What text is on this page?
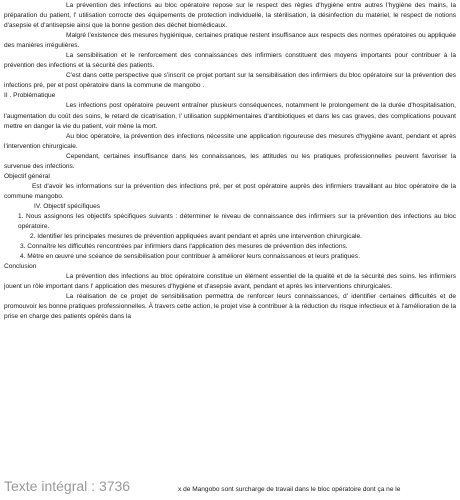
La prévention des infections au bloc opératoire repose sur le respect des règles d'hygiène entre autres l'hygiène des mains, la préparation du patient, l' utilisation corrocte des équipements de protection individuelle, la stérilisation, la désinfection du matériel, le respect de notions d'asepsie et d'antisepsie ainsi que la bonne gestion des déchet biomédicaux.

Malgré l'existence des mesures hygiénique, certaines pratique restent insuffisance aux respects des normes opératoires ou appliquée des manières irrégulières.

La sensibilisation et le renforcement des connaissances des infirmiers constituent des moyens importants pour contribuer à la prévention des infections et la sécurité des patients.

C'est dans cette perspective que s'inscrit ce projet portant sur la sensibilisation des infirmiers du bloc opératoire sur la prévention des infections pré, per et post opératoire dans la commune de mangobo .

II . Problématique

Les infections post opératoire peuvent entraîner plusieurs conséquences, notamment le prolongement de la durée d'hospitalisation, l'augmentation du coût des soins, le retard de cicatrisation, l' utilisation supplémentaires d'antibiotiques et dans les cas graves, des complications pouvant mettre en danger la vie du patient, voir mène la mort.

Au bloc opératoire, la prévention des infections nécessite une application rigoureuse des mesures d'hygiène avant, pendant et après l'intervention chirurgicale.

Cependant, certaines insuffisance dans les connaissances, les attitudes ou les pratiques professionnelles peuvent favoriser la survenue des infections.

Objectif général

Est d'avoir les informations sur la prévention des infections pré, per et post opératoire auprès des infirmiers travaillant au bloc opératoire de la commune mangobo.

IV. Objectif spécifiques

1. Nous assignons les objectifs spécifiques suivants : déterminer le niveau de connaissance des infirmiers sur la prévention des infections au bloc opératoire.

2. Identifier les principales mesures de prévention appliquées avant pendant et après une intervention chirurgicale.

3. Connaître les difficultés rencontrées par infirmiers dans l'application des mesures de prévention des infections.

4. Mètre en œuvre une scéance de sensibilisation pour contribuer à améliorer leurs connaissances et leurs pratiques.

Conclusion

La prévention des infections au bloc opératoire constitue un élément essentiel de la qualité et de la sécurité des soins. les infirmiers jouent un rôle important dans l' application des mesures d'hygiène et d'asepsie avant, pendant et après les interventions chirurgicales.

La réalisation de ce projet de sensibilisation permettra de renforcer leurs connaissances, d' identifier certaines difficultés et de promouvoir les bonne pratiques professionnelles. À travers cette action, le projet vise à contribuer à la réduction du risque infectieux et à l'amélioration de la prise en charge des patients opérés dans la

Texte intégral : 3736	x de Mangobo sont surcharge de travail dans le bloc opératoire dont ça ne le
